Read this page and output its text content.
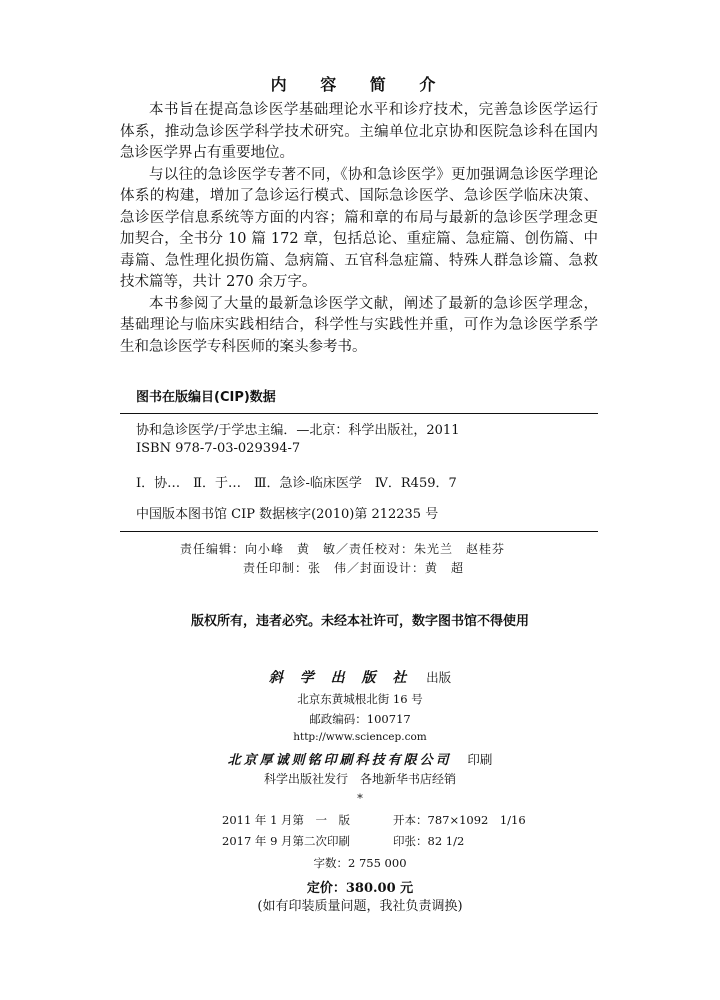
内 容 简 介

本书旨在提高急诊医学基础理论水平和诊疗技术，完善急诊医学运行体系，推动急诊医学科学技术研究。主编单位北京协和医院急诊科在国内急诊医学界占有重要地位。

与以往的急诊医学专著不同，《协和急诊医学》更加强调急诊医学理论体系的构建，增加了急诊运行模式、国际急诊医学、急诊医学临床决策、急诊医学信息系统等方面的内容；篇和章的布局与最新的急诊医学理念更加契合，全书分 10 篇 172 章，包括总论、重症篇、急症篇、创伤篇、中毒篇、急性理化损伤篇、急病篇、五官科急症篇、特殊人群急诊篇、急救技术篇等，共计 270 余万字。

本书参阅了大量的最新急诊医学文献，阐述了最新的急诊医学理念，基础理论与临床实践相结合，科学性与实践性并重，可作为急诊医学系学生和急诊医学专科医师的案头参考书。

图书在版编目(CIP)数据
协和急诊医学/于学忠主编．—北京：科学出版社，2011
ISBN 978-7-03-029394-7
Ⅰ．协…　Ⅱ．于…　Ⅲ．急诊-临床医学　Ⅳ．R459．7
中国版本图书馆 CIP 数据核字(2010)第 212235 号
责任编辑：向小峰　黄　敏／责任校对：朱光兰　赵桂芬
责任印制：张　伟／封面设计：黄　超
版权所有，违者必究。未经本社许可，数字图书馆不得使用
斜 学 出 版 社 出版
北京东黄城根北街 16 号
邮政编码：100717
http://www.sciencep.com
北京厚诚则铭印刷科技有限公司 印刷
科学出版社发行　各地新华书店经销
*
2011 年 1 月第　一　版	开本：787×1092　1/16
2017 年 9 月第二次印刷	印张：82 1/2
字数：2 755 000
定价：380.00 元
(如有印装质量问题，我社负责调换)
